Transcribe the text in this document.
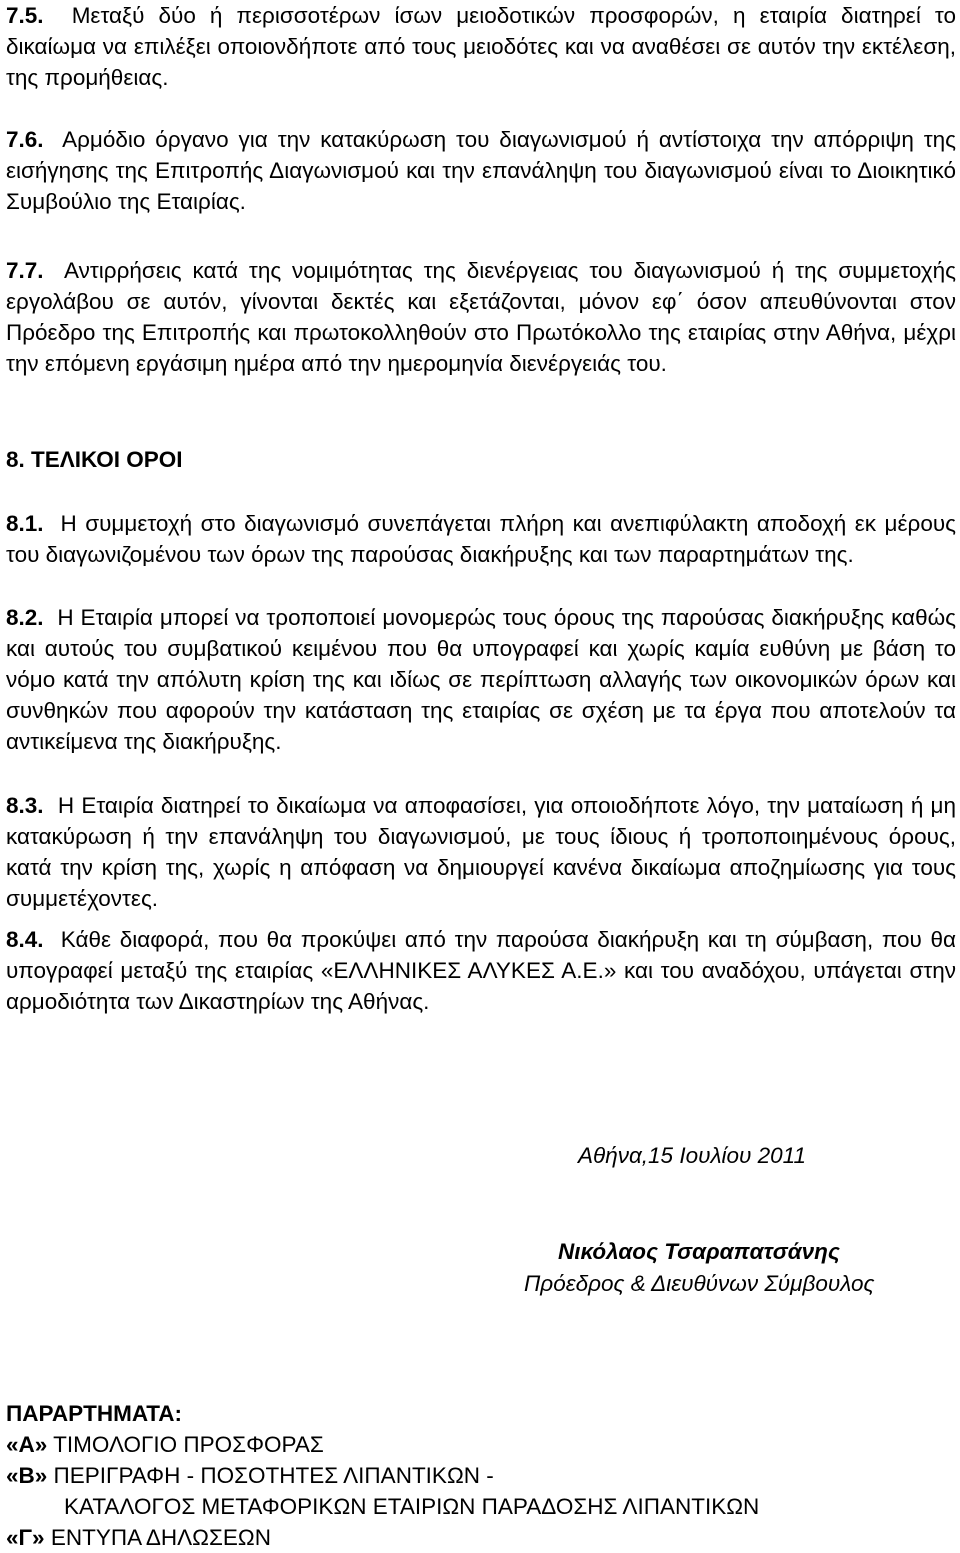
7.5. Μεταξύ δύο ή περισσοτέρων ίσων μειοδοτικών προσφορών, η εταιρία διατηρεί το δικαίωμα να επιλέξει οποιονδήποτε από τους μειοδότες και να αναθέσει σε αυτόν την εκτέλεση, της προμήθειας.

7.6. Αρμόδιο όργανο για την κατακύρωση του διαγωνισμού ή αντίστοιχα την απόρριψη της εισήγησης της Επιτροπής Διαγωνισμού και την επανάληψη του διαγωνισμού είναι το Διοικητικό Συμβούλιο της Εταιρίας.

7.7. Αντιρρήσεις κατά της νομιμότητας της διενέργειας του διαγωνισμού ή της συμμετοχής εργολάβου σε αυτόν, γίνονται δεκτές και εξετάζονται, μόνον εφ΄ όσον απευθύνονται στον Πρόεδρο της Επιτροπής και πρωτοκολληθούν στο Πρωτόκολλο της εταιρίας στην Αθήνα, μέχρι την επόμενη εργάσιμη ημέρα από την ημερομηνία διενέργειάς του.

8. ΤΕΛΙΚΟΙ ΟΡΟΙ

8.1. Η συμμετοχή στο διαγωνισμό συνεπάγεται πλήρη και ανεπιφύλακτη αποδοχή εκ μέρους του διαγωνιζομένου των όρων της παρούσας διακήρυξης και των παραρτημάτων της.

8.2. Η Εταιρία μπορεί να τροποποιεί μονομερώς τους όρους της παρούσας διακήρυξης καθώς και αυτούς του συμβατικού κειμένου που θα υπογραφεί και χωρίς καμία ευθύνη με βάση το νόμο κατά την απόλυτη κρίση της και ιδίως σε περίπτωση αλλαγής των οικονομικών όρων και συνθηκών που αφορούν την κατάσταση της εταιρίας σε σχέση με τα έργα που αποτελούν τα αντικείμενα της διακήρυξης.

8.3. Η Εταιρία διατηρεί το δικαίωμα να αποφασίσει, για οποιοδήποτε λόγο, την ματαίωση ή μη κατακύρωση ή την επανάληψη του διαγωνισμού, με τους ίδιους ή τροποποιημένους όρους, κατά την κρίση της, χωρίς η απόφαση να δημιουργεί κανένα δικαίωμα αποζημίωσης για τους συμμετέχοντες.

8.4. Κάθε διαφορά, που θα προκύψει από την παρούσα διακήρυξη και τη σύμβαση, που θα υπογραφεί μεταξύ της εταιρίας «ΕΛΛΗΝΙΚΕΣ ΑΛΥΚΕΣ Α.Ε.» και του αναδόχου, υπάγεται στην αρμοδιότητα των Δικαστηρίων της Αθήνας.

Αθήνα,15 Ιουλίου 2011

Νικόλαος Τσαραπατσάνης

Πρόεδρος & Διευθύνων Σύμβουλος

ΠΑΡΑΡΤΗΜΑΤΑ:

«Α» ΤΙΜΟΛΟΓΙΟ ΠΡΟΣΦΟΡΑΣ

«Β» ΠΕΡΙΓΡΑΦΗ - ΠΟΣΟΤΗΤΕΣ ΛΙΠΑΝΤΙΚΩΝ -

ΚΑΤΑΛΟΓΟΣ ΜΕΤΑΦΟΡΙΚΩΝ ΕΤΑΙΡΙΩΝ ΠΑΡΑΔΟΣΗΣ ΛΙΠΑΝΤΙΚΩΝ

«Γ» ΕΝΤΥΠΑ ΔΗΛΩΣΕΩΝ
